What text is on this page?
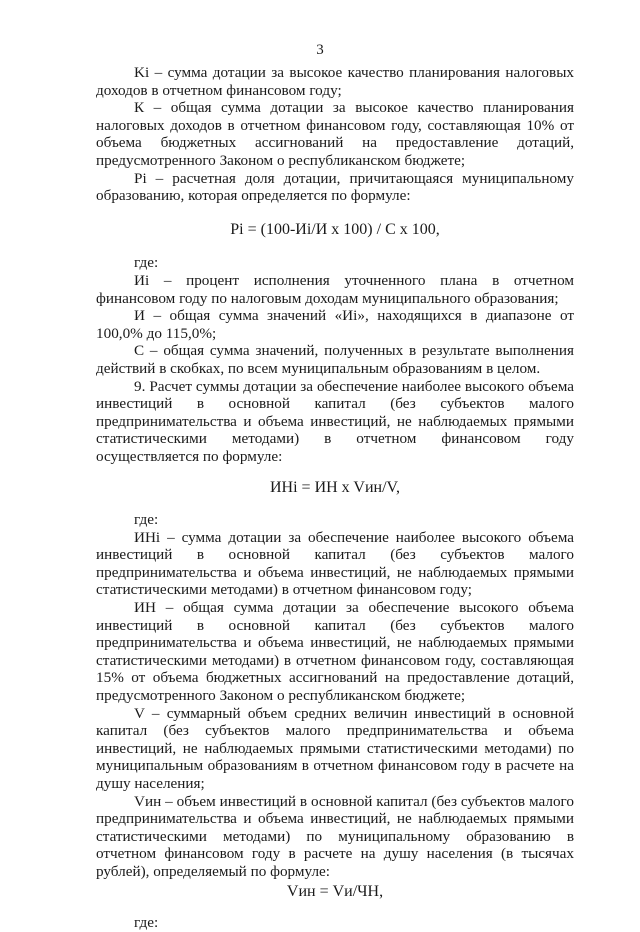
3

Ki – сумма дотации за высокое качество планирования налоговых доходов в отчетном финансовом году;

К – общая сумма дотации за высокое качество планирования налоговых доходов в отчетном финансовом году, составляющая 10% от объема бюджетных ассигнований на предоставление дотаций, предусмотренного Законом о республиканском бюджете;

Pi – расчетная доля дотации, причитающаяся муниципальному образованию, которая определяется по формуле:

Pi = (100-Иi/И x 100) / C x 100,

где:

Иi – процент исполнения уточненного плана в отчетном финансовом году по налоговым доходам муниципального образования;

И – общая сумма значений «Иi», находящихся в диапазоне от 100,0% до 115,0%;

C – общая сумма значений, полученных в результате выполнения действий в скобках, по всем муниципальным образованиям в целом.

9. Расчет суммы дотации за обеспечение наиболее высокого объема инвестиций в основной капитал (без субъектов малого предпринимательства и объема инвестиций, не наблюдаемых прямыми статистическими методами) в отчетном финансовом году осуществляется по формуле:

ИНi = ИН x Vин/V,

где:

ИНi – сумма дотации за обеспечение наиболее высокого объема инвестиций в основной капитал (без субъектов малого предпринимательства и объема инвестиций, не наблюдаемых прямыми статистическими методами) в отчетном финансовом году;

ИН – общая сумма дотации за обеспечение высокого объема инвестиций в основной капитал (без субъектов малого предпринимательства и объема инвестиций, не наблюдаемых прямыми статистическими методами) в отчетном финансовом году, составляющая 15% от объема бюджетных ассигнований на предоставление дотаций, предусмотренного Законом о республиканском бюджете;

V – суммарный объем средних величин инвестиций в основной капитал (без субъектов малого предпринимательства и объема инвестиций, не наблюдаемых прямыми статистическими методами) по муниципальным образованиям в отчетном финансовом году в расчете на душу населения;

Vин – объем инвестиций в основной капитал (без субъектов малого предпринимательства и объема инвестиций, не наблюдаемых прямыми статистическими методами) по муниципальному образованию в отчетном финансовом году в расчете на душу населения (в тысячах рублей), определяемый по формуле:

Vин = Vи/ЧН,

где:
